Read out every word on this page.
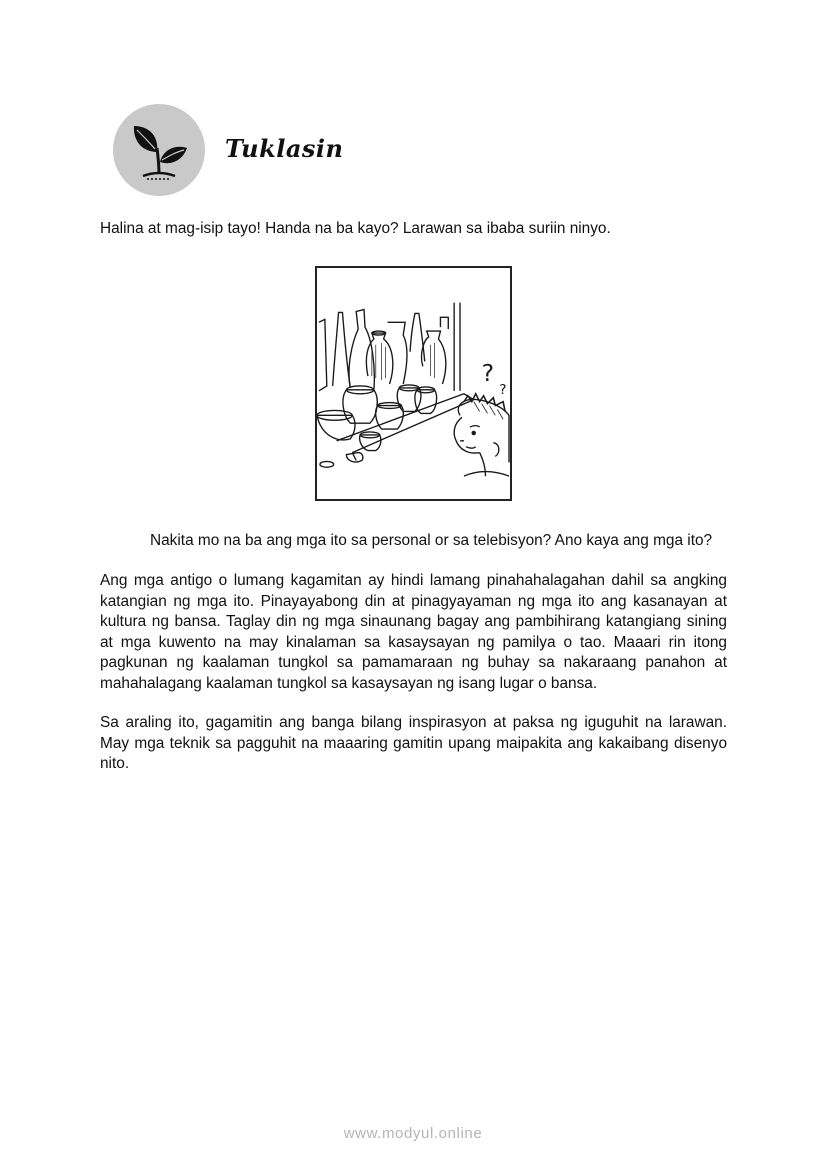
Tuklasin

Halina at mag-isip tayo! Handa na ba kayo? Larawan sa ibaba suriin ninyo.

?
?

Nakita mo na ba ang mga ito sa personal or sa telebisyon? Ano kaya ang mga ito?

Ang mga antigo o lumang kagamitan ay hindi lamang pinahahalagahan dahil sa angking katangian ng mga ito. Pinayayabong din at pinagyayaman ng mga ito ang kasanayan at kultura ng bansa. Taglay din ng mga sinaunang bagay ang pambihirang katangiang sining at mga kuwento na may kinalaman sa kasaysayan ng pamilya o tao. Maaari rin itong pagkunan ng kaalaman tungkol sa pamamaraan ng buhay sa nakaraang panahon at mahahalagang kaalaman tungkol sa kasaysayan ng isang lugar o bansa.

Sa araling ito, gagamitin ang banga bilang inspirasyon at paksa ng iguguhit na larawan. May mga teknik sa pagguhit na maaaring gamitin upang maipakita ang kakaibang disenyo nito.

www.modyul.online
